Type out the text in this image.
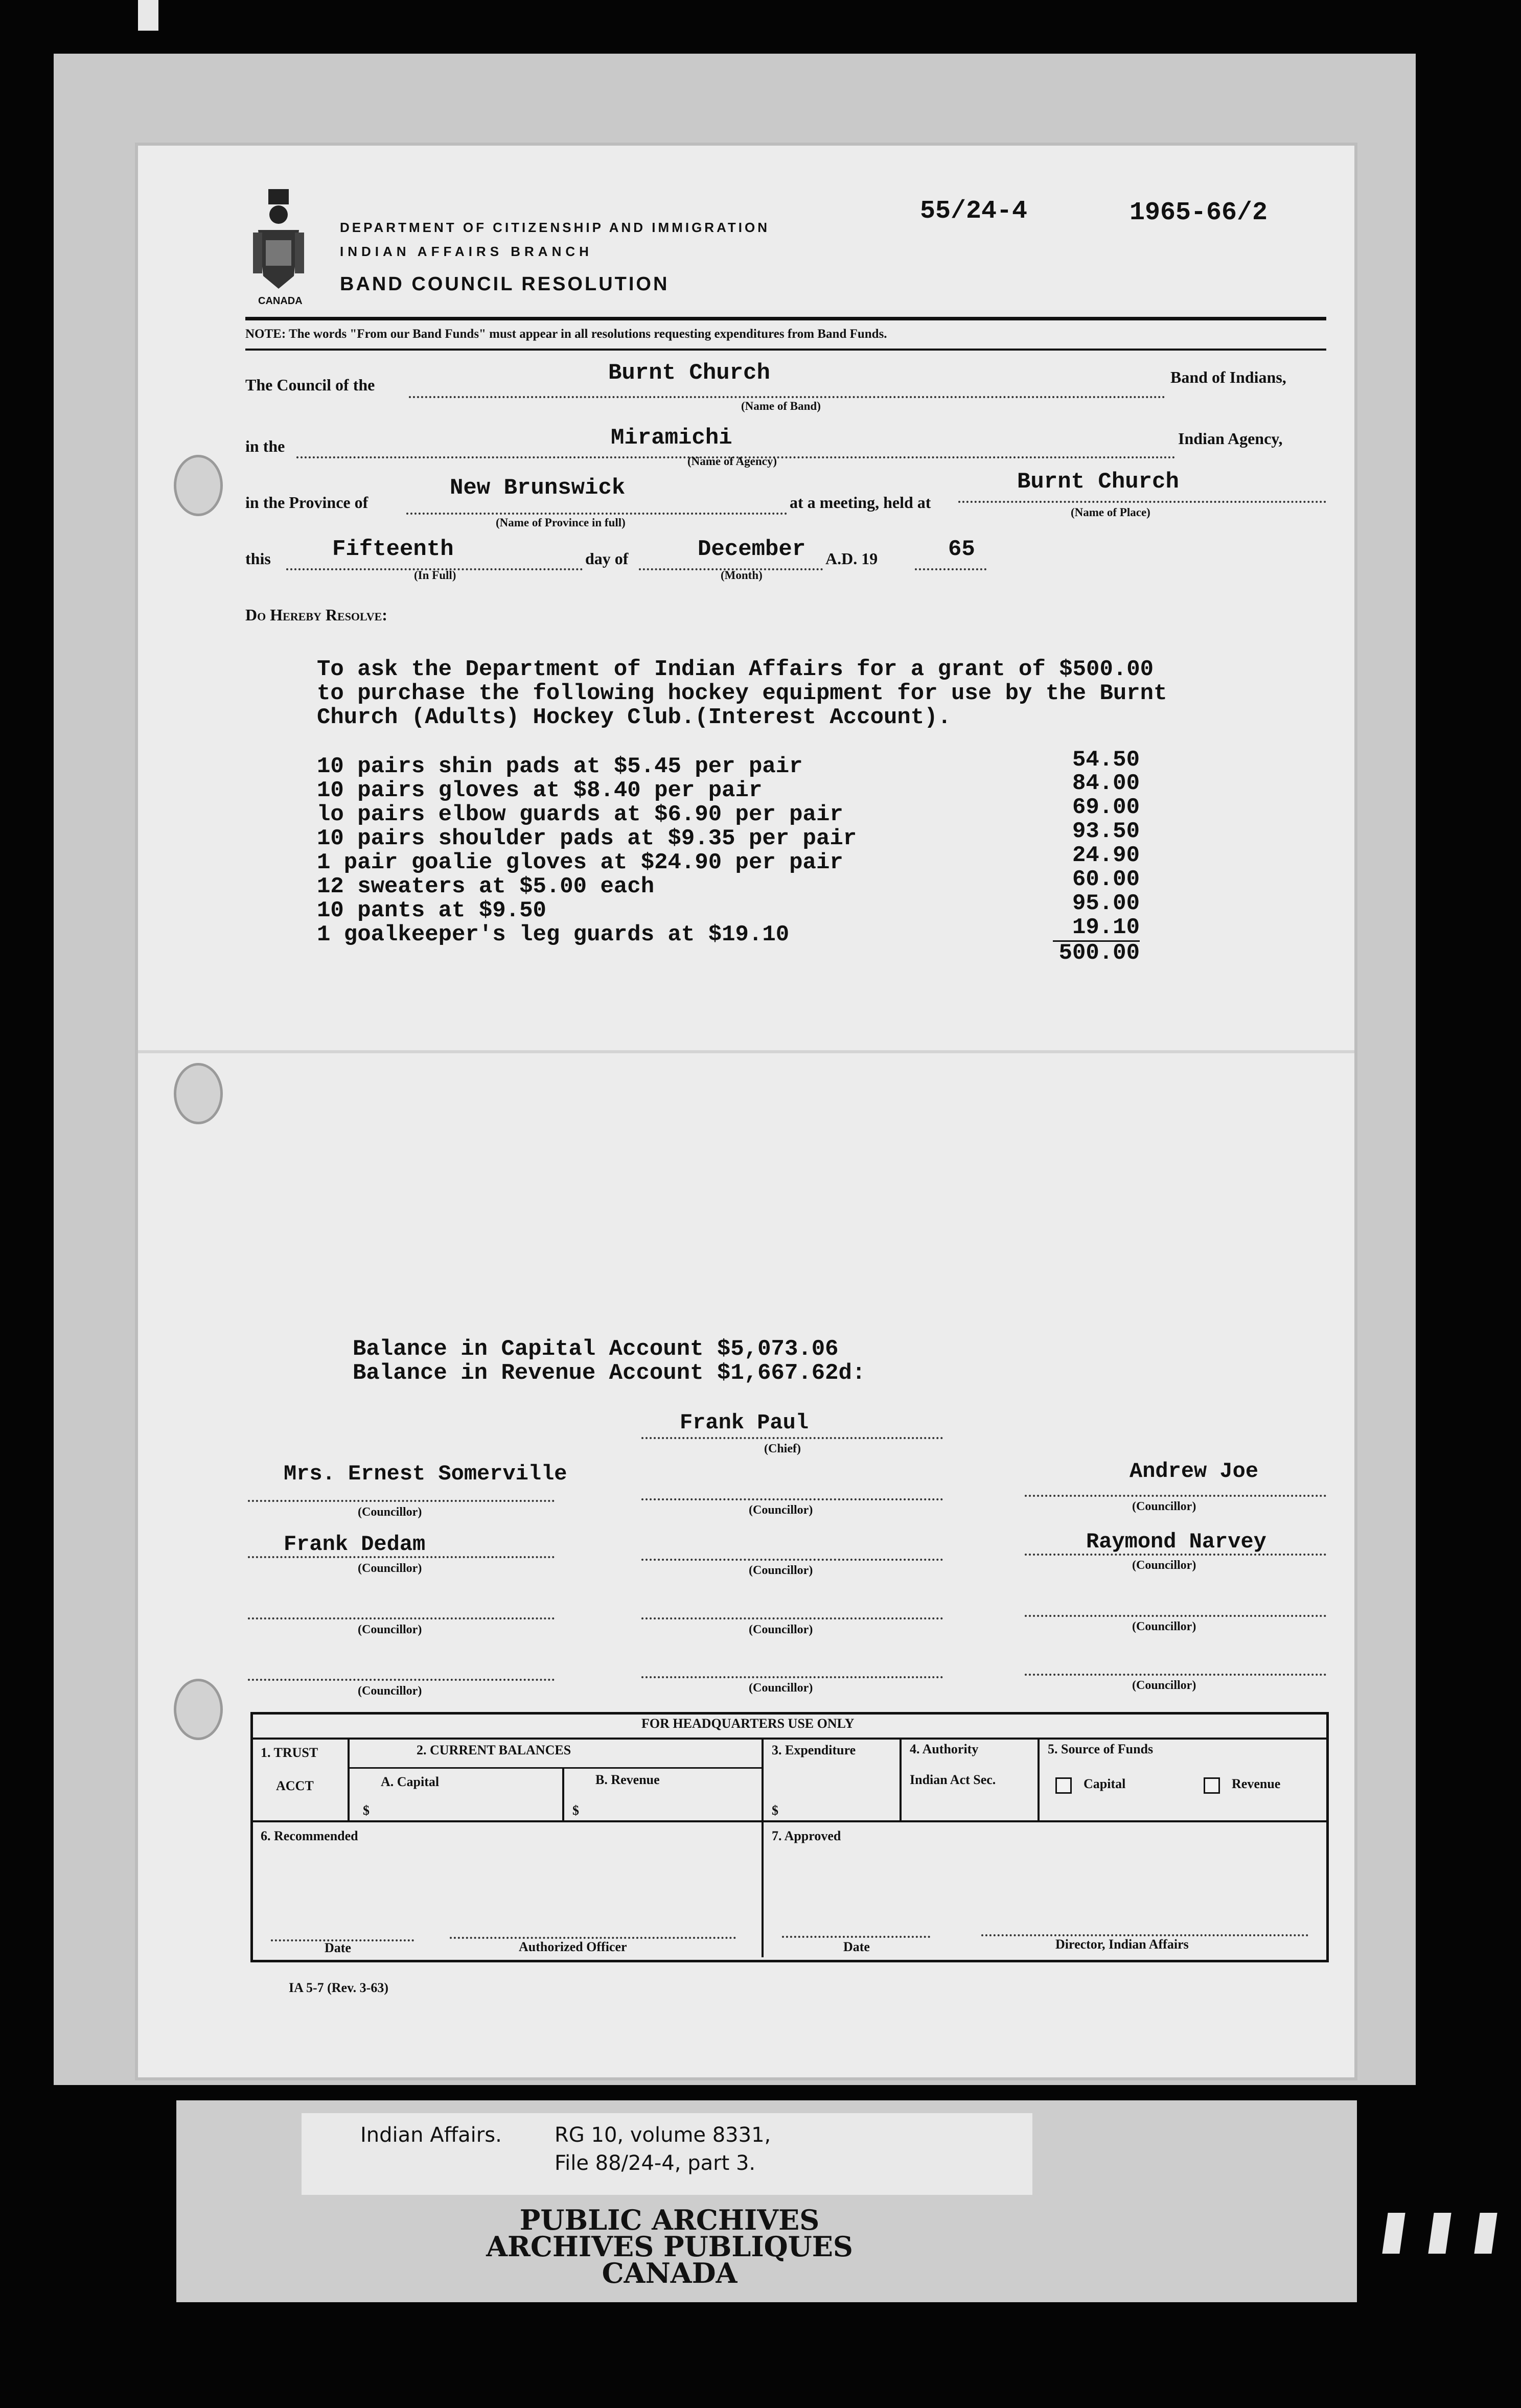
CANADA
DEPARTMENT OF CITIZENSHIP AND IMMIGRATION
INDIAN AFFAIRS BRANCH
BAND COUNCIL RESOLUTION
55/24-4	1965-66/2
NOTE: The words "From our Band Funds" must appear in all resolutions requesting expenditures from Band Funds.
The Council of the	Burnt Church	Band of Indians,
(Name of Band)
in the	Miramichi	Indian Agency,
(Name of Agency)
in the Province of
New Brunswick
(Name of Province in full)
at a meeting, held at
Burnt Church
(Name of Place)
this	Fifteenth
(In Full)
day of	December
(Month)
A.D. 19	65
Do Hereby Resolve:
To ask the Department of Indian Affairs for a grant of $500.00
to purchase the following hockey equipment for use by the Burnt
Church (Adults) Hockey Club.(Interest Account).
10 pairs shin pads at $5.45 per pair	54.50
10 pairs gloves at $8.40 per pair	84.00
lo pairs elbow guards at $6.90 per pair	69.00
10 pairs shoulder pads at $9.35 per pair	93.50
1 pair goalie gloves at $24.90 per pair	24.90
12 sweaters at $5.00 each	60.00
10 pants at $9.50	95.00
1 goalkeeper's leg guards at $19.10	19.10
500.00
Balance in Capital Account $5,073.06
Balance in Revenue Account $1,667.62d:
Frank Paul
(Chief)
Mrs. Ernest Somerville
(Councillor)
Frank Dedam
(Councillor)
(Councillor)
(Councillor)
(Councillor)
(Councillor)
(Councillor)
(Councillor)
Andrew Joe
(Councillor)
Raymond Narvey
(Councillor)
(Councillor)
(Councillor)
FOR HEADQUARTERS USE ONLY
1. TRUST
ACCT
2. CURRENT BALANCES
A. Capital
$
B. Revenue
$
3. Expenditure
$
4. Authority
Indian Act Sec.
5. Source of Funds
Capital	Revenue
6. Recommended	7. Approved
Date	Authorized Officer	Date	Director, Indian Affairs
IA 5-7 (Rev. 3-63)
Indian Affairs.	RG 10, volume 8331,
File 88/24-4, part 3.
PUBLIC ARCHIVES
ARCHIVES PUBLIQUES
CANADA
